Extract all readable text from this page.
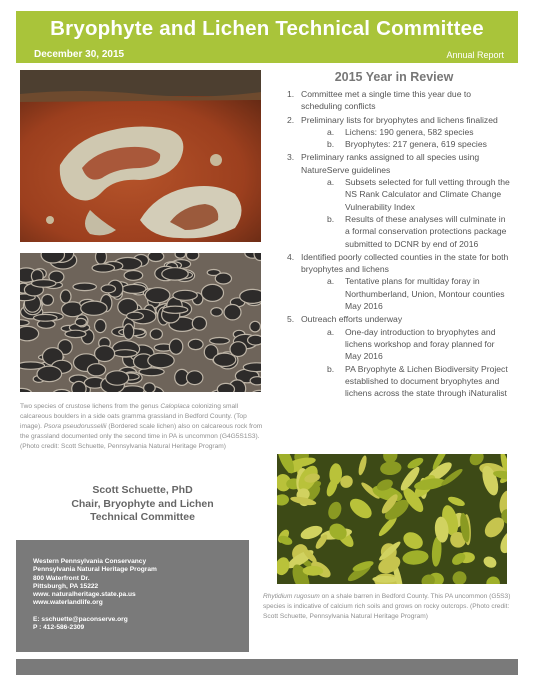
Bryophyte and Lichen Technical Committee
December 30, 2015	Annual Report
Two species of crustose lichens from the genus Caloplaca colonizing small calcareous boulders in a side oats gramma grassland in Bedford County. (Top image). Psora pseudorussellii (Bordered scale lichen) also on calcareous rock from the grassland documented only the second time in PA is uncommon (G4G5S1S3). (Photo credit: Scott Schuette, Pennsylvania Natural Heritage Program)
Scott Schuette, PhD
Chair, Bryophyte and Lichen
Technical Committee
Western Pennsylvania Conservancy
Pennsylvania Natural Heritage Program
800 Waterfront Dr.
Pittsburgh, PA 15222
www. naturalheritage.state.pa.us
www.waterlandlife.org
E: sschuette@paconserve.org
P : 412-586-2309
2015 Year in Review
1. Committee met a single time this year due to scheduling conflicts
2. Preliminary lists for bryophytes and lichens finalized
a. Lichens: 190 genera, 582 species
b. Bryophytes: 217 genera, 619 species
3. Preliminary ranks assigned to all species using NatureServe guidelines
a. Subsets selected for full vetting through the NS Rank Calculator and Climate Change Vulnerability Index
b. Results of these analyses will culminate in a formal conservation protections package submitted to DCNR by end of 2016
4. Identified poorly collected counties in the state for both bryophytes and lichens
a. Tentative plans for multiday foray in Northumberland, Union, Montour counties May 2016
5. Outreach efforts underway
a. One-day introduction to bryophytes and lichens workshop and foray planned for May 2016
b. PA Bryophyte & Lichen Biodiversity Project established to document bryophytes and lichens across the state through iNaturalist
Rhytidium rugosum on a shale barren in Bedford County. This PA uncommon (G5S3) species is indicative of calcium rich soils and grows on rocky outcrops. (Photo credit: Scott Schuette, Pennsylvania Natural Heritage Program)
